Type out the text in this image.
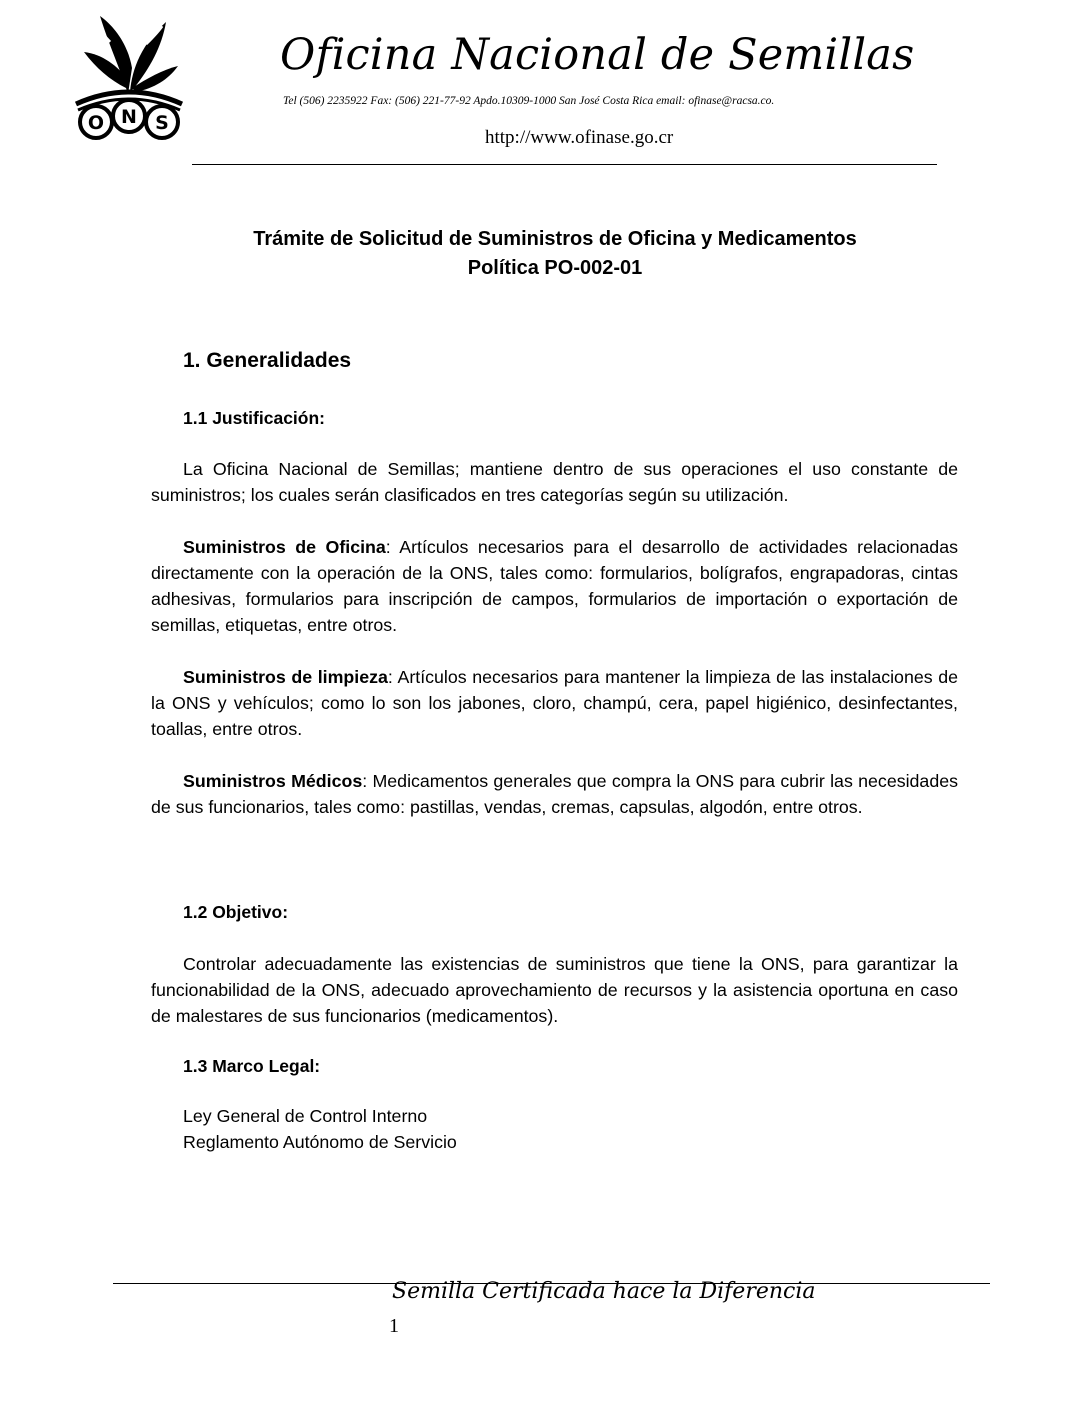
O N S
Oficina Nacional de Semillas
Tel (506) 2235922 Fax: (506) 221-77-92 Apdo.10309-1000 San José Costa Rica email: ofinase@racsa.co.
http://www.ofinase.go.cr
Trámite de Solicitud de Suministros de Oficina y Medicamentos
Política PO-002-01
1. Generalidades
1.1 Justificación:
La Oficina Nacional de Semillas; mantiene dentro de sus operaciones el uso constante de suministros; los cuales serán clasificados en tres categorías según su utilización.
Suministros de Oficina: Artículos necesarios para el desarrollo de actividades relacionadas directamente con la operación de la ONS, tales como: formularios, bolígrafos, engrapadoras, cintas adhesivas, formularios para inscripción de campos, formularios de importación o exportación de semillas, etiquetas, entre otros.
Suministros de limpieza: Artículos necesarios para mantener la limpieza de las instalaciones de la ONS y vehículos; como lo son los jabones, cloro, champú, cera, papel higiénico, desinfectantes, toallas, entre otros.
Suministros Médicos: Medicamentos generales que compra la ONS para cubrir las necesidades de sus funcionarios, tales como: pastillas, vendas, cremas, capsulas, algodón, entre otros.
1.2 Objetivo:
Controlar adecuadamente las existencias de suministros que tiene la ONS, para garantizar la funcionabilidad de la ONS, adecuado aprovechamiento de recursos y la asistencia oportuna en caso de malestares de sus funcionarios (medicamentos).
1.3 Marco Legal:
Ley General de Control Interno
Reglamento Autónomo de Servicio
Semilla Certificada hace la Diferencia
1
